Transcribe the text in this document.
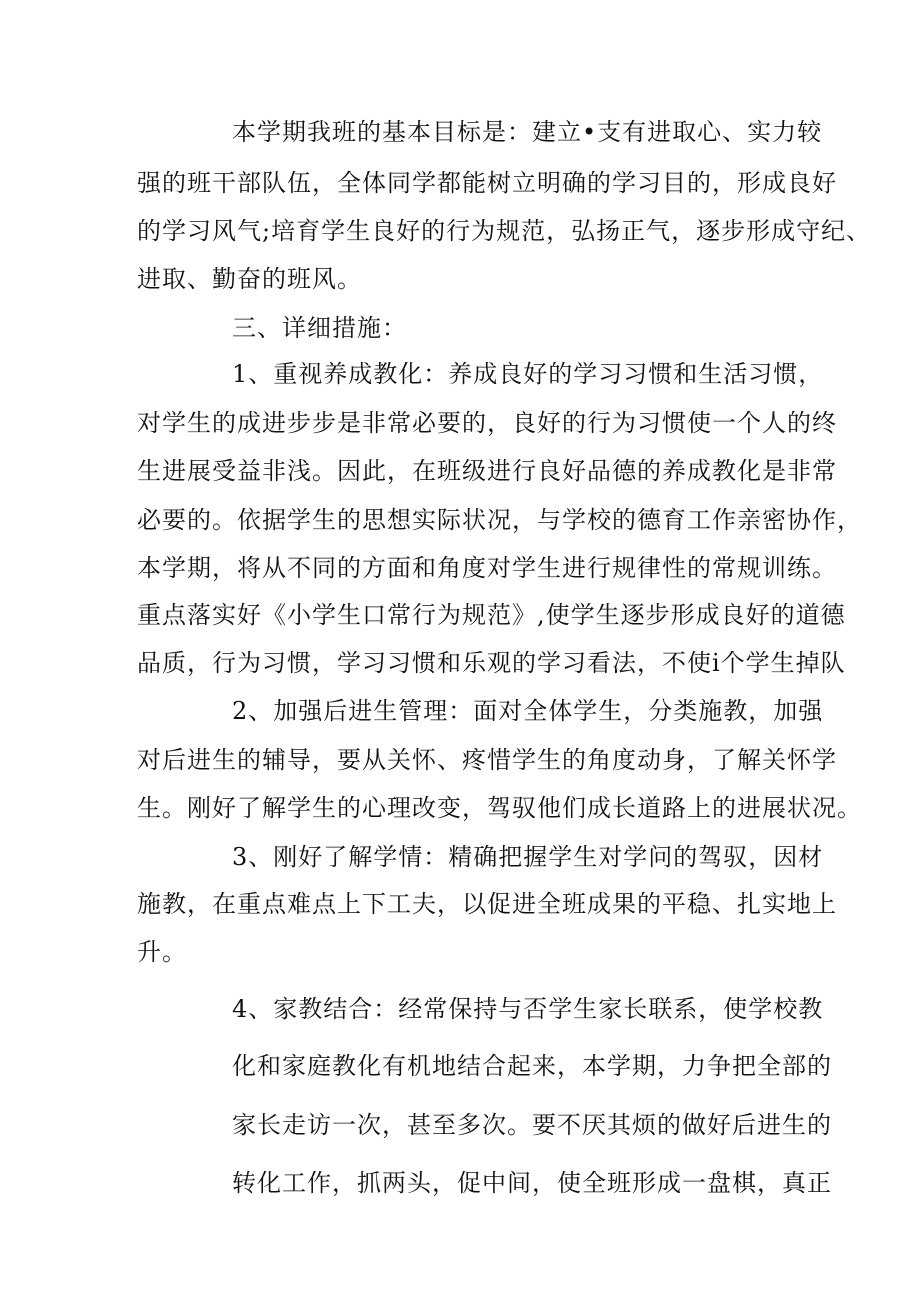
本学期我班的基本目标是：建立•支有进取心、实力较
强的班干部队伍，全体同学都能树立明确的学习目的，形成良好
的学习风气;培育学生良好的行为规范，弘扬正气，逐步形成守纪、
进取、勤奋的班风。
三、详细措施：
1、重视养成教化：养成良好的学习习惯和生活习惯，
对学生的成进步步是非常必要的，良好的行为习惯使一个人的终
生进展受益非浅。因此，在班级进行良好品德的养成教化是非常
必要的。依据学生的思想实际状况，与学校的德育工作亲密协作，
本学期，将从不同的方面和角度对学生进行规律性的常规训练。
重点落实好《小学生口常行为规范》,使学生逐步形成良好的道德
品质，行为习惯，学习习惯和乐观的学习看法，不使i个学生掉队
2、加强后进生管理：面对全体学生，分类施教，加强
对后进生的辅导，要从关怀、疼惜学生的角度动身，了解关怀学
生。刚好了解学生的心理改变，驾驭他们成长道路上的进展状况。
3、刚好了解学情：精确把握学生对学问的驾驭，因材
施教，在重点难点上下工夫，以促进全班成果的平稳、扎实地上
升。
4、家教结合：经常保持与否学生家长联系，使学校教
化和家庭教化有机地结合起来，本学期，力争把全部的
家长走访一次，甚至多次。要不厌其烦的做好后进生的
转化工作，抓两头，促中间，使全班形成一盘棋，真正
